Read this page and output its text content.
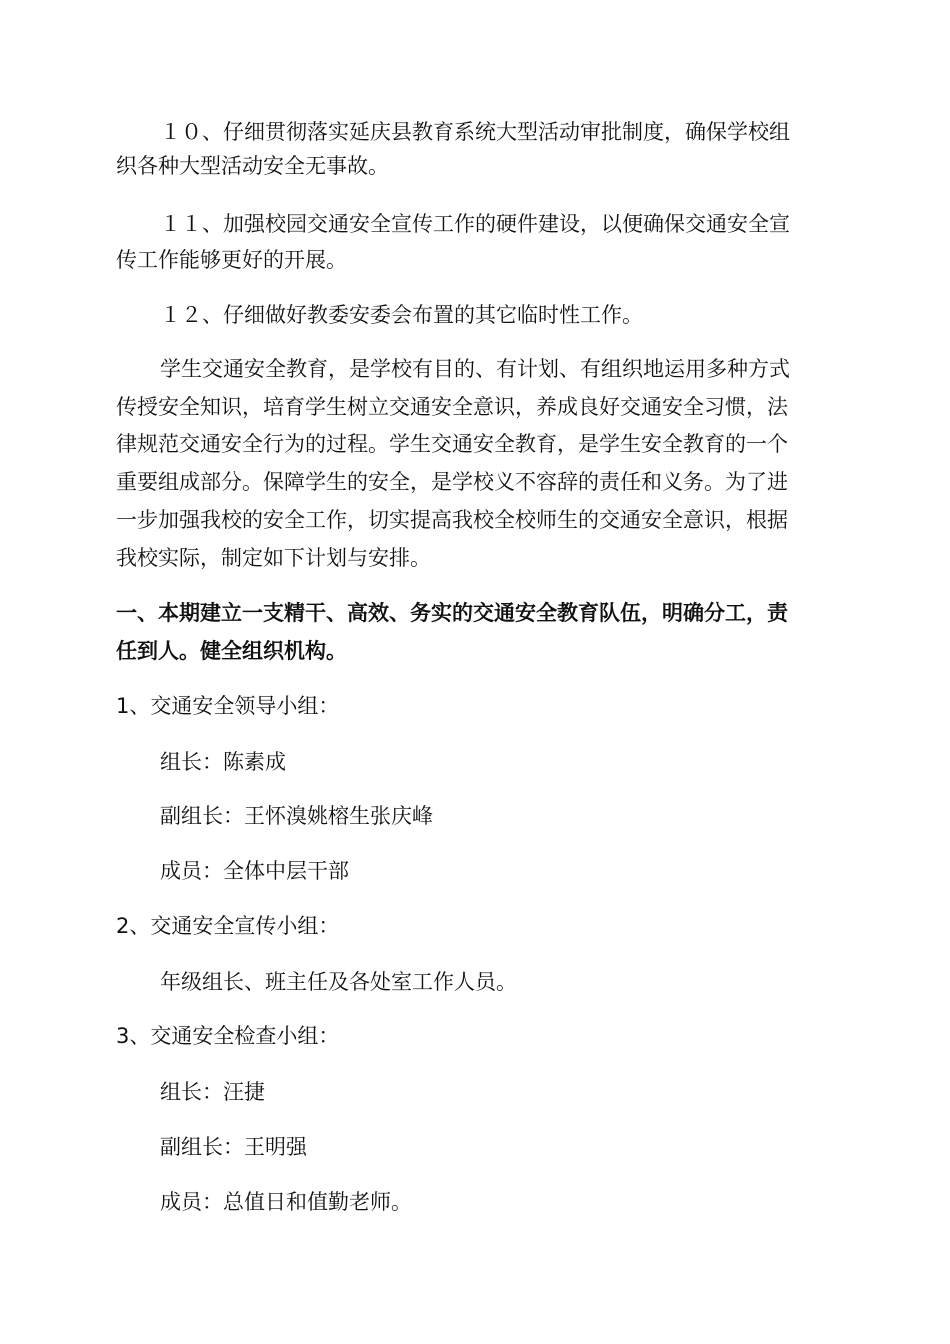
１０、仔细贯彻落实延庆县教育系统大型活动审批制度，确保学校组
织各种大型活动安全无事故。
１１、加强校园交通安全宣传工作的硬件建设，以便确保交通安全宣
传工作能够更好的开展。
１２、仔细做好教委安委会布置的其它临时性工作。
学生交通安全教育，是学校有目的、有计划、有组织地运用多种方式
传授安全知识，培育学生树立交通安全意识，养成良好交通安全习惯，法
律规范交通安全行为的过程。学生交通安全教育，是学生安全教育的一个
重要组成部分。保障学生的安全，是学校义不容辞的责任和义务。为了进
一步加强我校的安全工作，切实提高我校全校师生的交通安全意识，根据
我校实际，制定如下计划与安排。
一、本期建立一支精干、高效、务实的交通安全教育队伍，明确分工，责
任到人。健全组织机构。
1、交通安全领导小组：
组长：陈素成
副组长：王怀溴姚榕生张庆峰
成员：全体中层干部
2、交通安全宣传小组：
年级组长、班主任及各处室工作人员。
3、交通安全检查小组：
组长：汪捷
副组长：王明强
成员：总值日和值勤老师。
